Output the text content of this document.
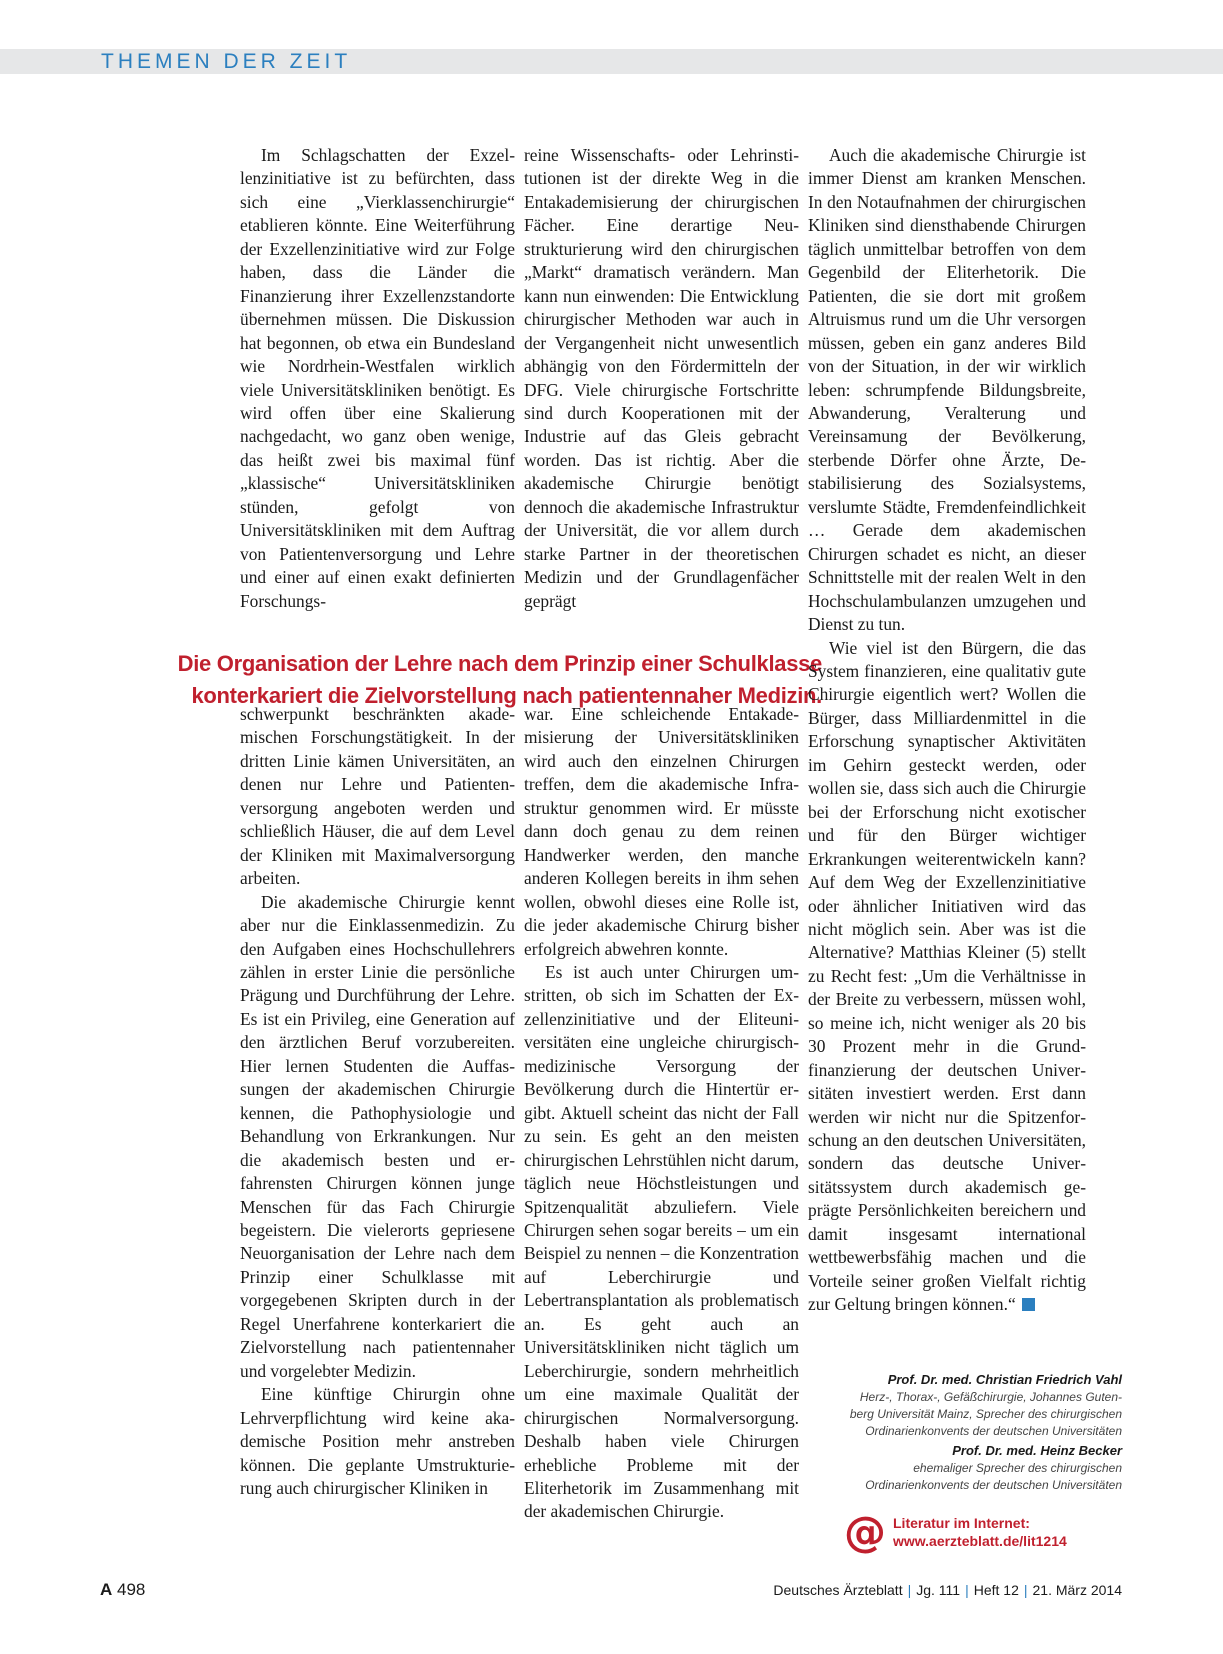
THEMEN DER ZEIT

Im Schlagschatten der Exzellenzinitiative ist zu befürchten, dass sich eine „Vierklassenchirurgie“ etablieren könnte. Eine Weiterführung der Exzellenzinitiative wird zur Folge haben, dass die Länder die Finanzierung ihrer Exzellenzstandorte übernehmen müssen. Die Diskussion hat begonnen, ob etwa ein Bundesland wie Nordrhein-Westfalen wirklich viele Universitätskliniken benötigt. Es wird offen über eine Skalierung nachgedacht, wo ganz oben wenige, das heißt zwei bis maximal fünf „klassische“ Universitätskliniken stünden, gefolgt von Universitätskliniken mit dem Auftrag von Patientenversorgung und Lehre und einer auf einen exakt definierten Forschungs-

reine Wissenschafts- oder Lehrinstitutionen ist der direkte Weg in die Entakademisierung der chirurgischen Fächer. Eine derartige Neustrukturierung wird den chirurgischen „Markt“ dramatisch verändern. Man kann nun einwenden: Die Entwicklung chirurgischer Methoden war auch in der Vergangenheit nicht unwesentlich abhängig von den Fördermitteln der DFG. Viele chirurgische Fortschritte sind durch Kooperationen mit der Industrie auf das Gleis gebracht worden. Das ist richtig. Aber die akademische Chirurgie benötigt dennoch die akademische Infrastruktur der Universität, die vor allem durch starke Partner in der theoretischen Medizin und der Grundlagenfächer geprägt

Die Organisation der Lehre nach dem Prinzip einer Schulklasse
konterkariert die Zielvorstellung nach patientennaher Medizin.

schwerpunkt beschränkten akademischen Forschungstätigkeit. In der dritten Linie kämen Universitäten, an denen nur Lehre und Patientenversorgung angeboten werden und schließlich Häuser, die auf dem Level der Kliniken mit Maximalversorgung arbeiten.

Die akademische Chirurgie kennt aber nur die Einklassenmedizin. Zu den Aufgaben eines Hochschullehrers zählen in erster Linie die persönliche Prägung und Durchführung der Lehre. Es ist ein Privileg, eine Generation auf den ärztlichen Beruf vorzubereiten. Hier lernen Studenten die Auffassungen der akademischen Chirurgie kennen, die Pathophysiologie und Behandlung von Erkrankungen. Nur die akademisch besten und erfahrensten Chirurgen können junge Menschen für das Fach Chirurgie begeistern. Die vielerorts gepriesene Neuorganisation der Lehre nach dem Prinzip einer Schulklasse mit vorgegebenen Skripten durch in der Regel Unerfahrene konterkariert die Zielvorstellung nach patientennaher und vorgelebter Medizin.

Eine künftige Chirurgin ohne Lehrverpflichtung wird keine akademische Position mehr anstreben können. Die geplante Umstrukturierung auch chirurgischer Kliniken in

war. Eine schleichende Entakademisierung der Universitätskliniken wird auch den einzelnen Chirurgen treffen, dem die akademische Infrastruktur genommen wird. Er müsste dann doch genau zu dem reinen Handwerker werden, den manche anderen Kollegen bereits in ihm sehen wollen, obwohl dieses eine Rolle ist, die jeder akademische Chirurg bisher erfolgreich abwehren konnte.

Es ist auch unter Chirurgen umstritten, ob sich im Schatten der Exzellenzinitiative und der Eliteuniversitäten eine ungleiche chirurgisch-medizinische Versorgung der Bevölkerung durch die Hintertür ergibt. Aktuell scheint das nicht der Fall zu sein. Es geht an den meisten chirurgischen Lehrstühlen nicht darum, täglich neue Höchstleistungen und Spitzenqualität abzuliefern. Viele Chirurgen sehen sogar bereits – um ein Beispiel zu nennen – die Konzentration auf Leberchirurgie und Lebertransplantation als problematisch an. Es geht auch an Universitätskliniken nicht täglich um Leberchirurgie, sondern mehrheitlich um eine maximale Qualität der chirurgischen Normalversorgung. Deshalb haben viele Chirurgen erhebliche Probleme mit der Eliterhetorik im Zusammenhang mit der akademischen Chirurgie.

Auch die akademische Chirurgie ist immer Dienst am kranken Menschen. In den Notaufnahmen der chirurgischen Kliniken sind diensthabende Chirurgen täglich unmittelbar betroffen von dem Gegenbild der Eliterhetorik. Die Patienten, die sie dort mit großem Altruismus rund um die Uhr versorgen müssen, geben ein ganz anderes Bild von der Situation, in der wir wirklich leben: schrumpfende Bildungsbreite, Abwanderung, Veralterung und Vereinsamung der Bevölkerung, sterbende Dörfer ohne Ärzte, Destabilisierung des Sozialsystems, verslumte Städte, Fremdenfeindlichkeit … Gerade dem akademischen Chirurgen schadet es nicht, an dieser Schnittstelle mit der realen Welt in den Hochschulambulanzen umzugehen und Dienst zu tun.

Wie viel ist den Bürgern, die das System finanzieren, eine qualitativ gute Chirurgie eigentlich wert? Wollen die Bürger, dass Milliardenmittel in die Erforschung synaptischer Aktivitäten im Gehirn gesteckt werden, oder wollen sie, dass sich auch die Chirurgie bei der Erforschung nicht exotischer und für den Bürger wichtiger Erkrankungen weiterentwickeln kann? Auf dem Weg der Exzellenzinitiative oder ähnlicher Initiativen wird das nicht möglich sein. Aber was ist die Alternative? Matthias Kleiner (5) stellt zu Recht fest: „Um die Verhältnisse in der Breite zu verbessern, müssen wohl, so meine ich, nicht weniger als 20 bis 30 Prozent mehr in die Grundfinanzierung der deutschen Universitäten investiert werden. Erst dann werden wir nicht nur die Spitzenforschung an den deutschen Universitäten, sondern das deutsche Universitätssystem durch akademisch geprägte Persönlichkeiten bereichern und damit insgesamt international wettbewerbsfähig machen und die Vorteile seiner großen Vielfalt richtig zur Geltung bringen können.“

Prof. Dr. med. Christian Friedrich Vahl
Herz-, Thorax-, Gefäßchirurgie, Johannes Guten-
berg Universität Mainz, Sprecher des chirurgischen
Ordinarienkonvents der deutschen Universitäten
Prof. Dr. med. Heinz Becker
ehemaliger Sprecher des chirurgischen
Ordinarienkonvents der deutschen Universitäten
@ Literatur im Internet:
www.aerzteblatt.de/lit1214
A 498	Deutsches Ärzteblatt | Jg. 111 | Heft 12 | 21. März 2014
